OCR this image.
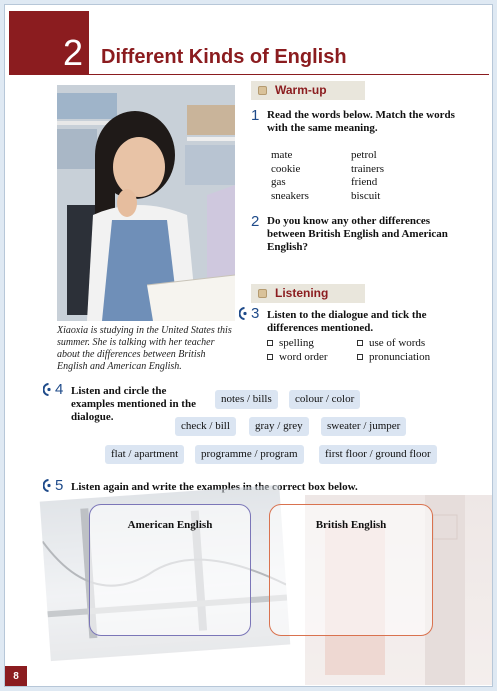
2 Different Kinds of English
Xiaoxia is studying in the United States this summer. She is talking with her teacher about the differences between British English and American English.
Warm-up
1 Read the words below. Match the words with the same meaning.
mate	petrol
cookie	trainers
gas	friend
sneakers	biscuit
2 Do you know any other differences between British English and American English?
Listening
3 Listen to the dialogue and tick the differences mentioned.
spelling	use of words
word order	pronunciation
4 Listen and circle the examples mentioned in the dialogue.
notes / bills	colour / color
check / bill	gray / grey	sweater / jumper
flat / apartment	programme / program	first floor / ground floor
5 Listen again and write the examples in the correct box below.
American English	British English
8
